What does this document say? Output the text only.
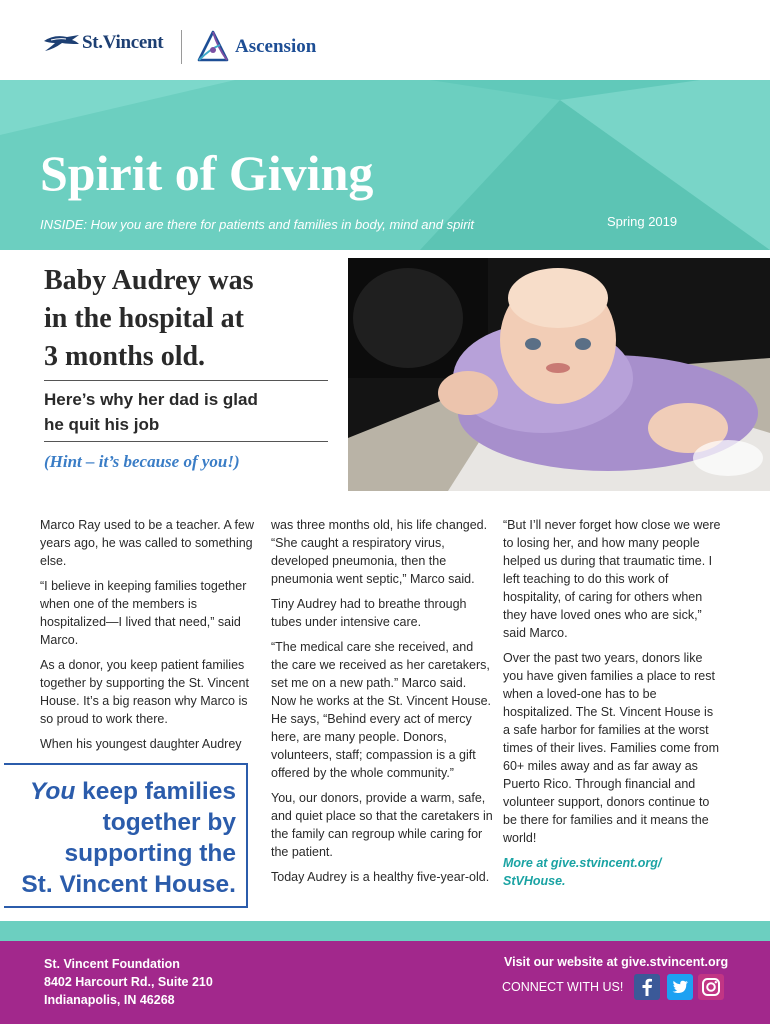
St.Vincent	Ascension
Spirit of Giving
INSIDE: How you are there for patients and families in body, mind and spirit	Spring 2019
Baby Audrey was
in the hospital at
3 months old.
Here’s why her dad is glad
he quit his job
(Hint – it’s because of you!)

Marco Ray used to be a teacher. A few years ago, he was called to something else.

“I believe in keeping families together when one of the members is hospitalized—I lived that need,” said Marco.

As a donor, you keep patient families together by supporting the St. Vincent House. It’s a big reason why Marco is so proud to work there.

When his youngest daughter Audrey

was three months old, his life changed. “She caught a respiratory virus, developed pneumonia, then the pneumonia went septic,” Marco said.

Tiny Audrey had to breathe through tubes under intensive care.

“The medical care she received, and the care we received as her caretakers, set me on a new path.” Marco said. Now he works at the St. Vincent House. He says, “Behind every act of mercy here, are many people. Donors, volunteers, staff; compassion is a gift offered by the whole community.”

You, our donors, provide a warm, safe, and quiet place so that the caretakers in the family can regroup while caring for the patient.

Today Audrey is a healthy five-year-old.

“But I’ll never forget how close we were to losing her, and how many people helped us during that traumatic time. I left teaching to do this work of hospitality, of caring for others when they have loved ones who are sick,” said Marco.

Over the past two years, donors like you have given families a place to rest when a loved-one has to be hospitalized. The St. Vincent House is a safe harbor for families at the worst times of their lives. Families come from 60+ miles away and as far away as Puerto Rico. Through financial and volunteer support, donors continue to be there for families and it means the world!

More at give.stvincent.org/ StVHouse.

You keep families
together by
supporting the
St. Vincent House.
St. Vincent Foundation
8402 Harcourt Rd., Suite 210
Indianapolis, IN 46268
Visit our website at give.stvincent.org
CONNECT WITH US!
